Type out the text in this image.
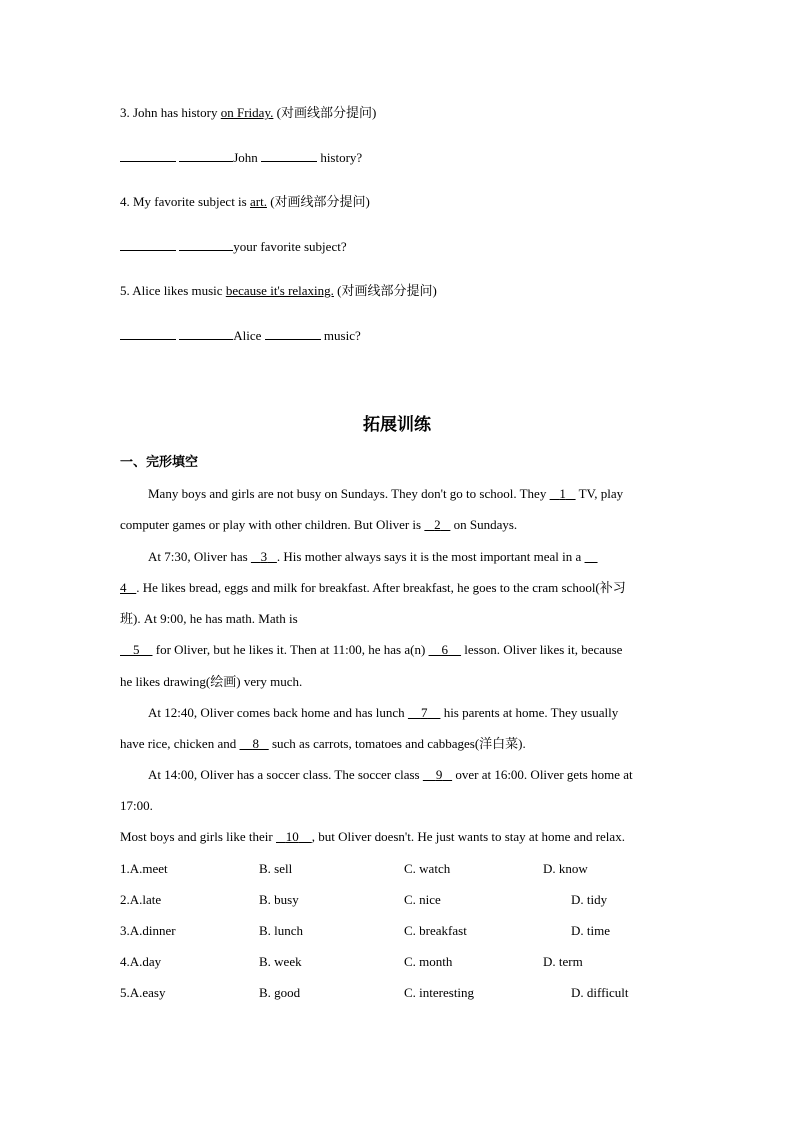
3. John has history on Friday. (对画线部分提问)
John	history?
4. My favorite subject is art. (对画线部分提问)
your favorite subject?
5. Alice likes music because it's relaxing. (对画线部分提问)
Alice	music?
拓展训练
一、完形填空
Many boys and girls are not busy on Sundays. They don't go to school. They    1    TV, play
computer games or play with other children. But Oliver is    2    on Sundays.
At 7:30, Oliver has    3 . His mother always says it is the most important meal in a
4 . He likes bread, eggs and milk for breakfast. After breakfast, he goes to the cram school(补习
班). At 9:00, he has math. Math is
5     for Oliver, but he likes it. Then at 11:00, he has a(n)     6     lesson. Oliver likes it, because
he likes drawing(绘画) very much.
At 12:40, Oliver comes back home and has lunch     7     his parents at home. They usually
have rice, chicken and     8    such as carrots, tomatoes and cabbages(洋白菜).
At 14:00, Oliver has a soccer class. The soccer class     9    over at 16:00. Oliver gets home at
17:00.
Most boys and girls like their    10 , but Oliver doesn't. He just wants to stay at home and relax.
1.A.meet	B. sell	C. watch	D. know
2.A.late	B. busy	C. nice	D. tidy
3.A.dinner	B. lunch	C. breakfast	D. time
4.A.day	B. week	C. month	D. term
5.A.easy	B. good	C. interesting	D. difficult
